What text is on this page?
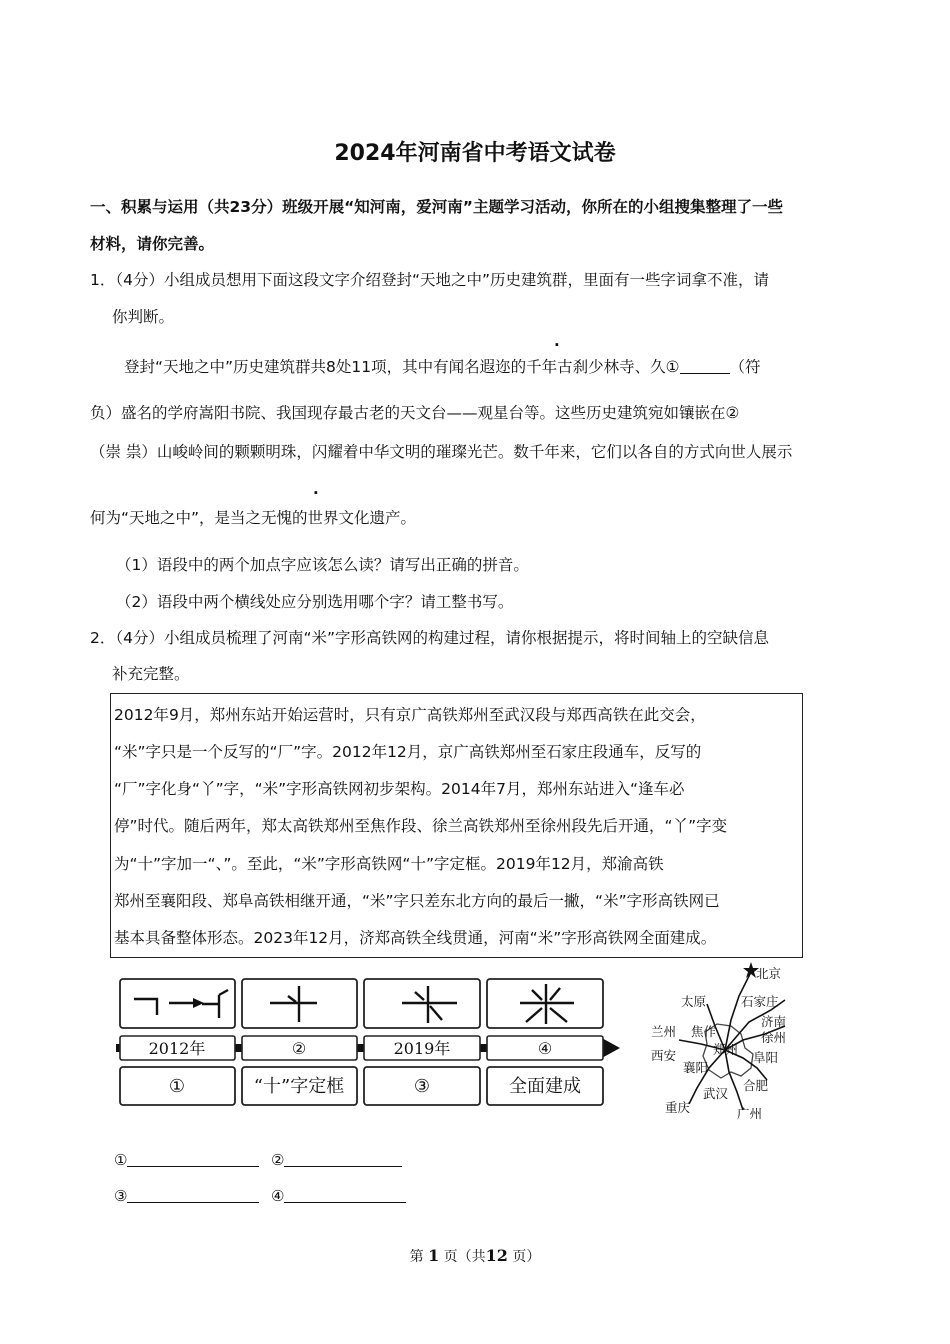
2024年河南省中考语文试卷
一、积累与运用（共23分）班级开展“知河南，爱河南”主题学习活动，你所在的小组搜集整理了一些
材料，请你完善。
1．（4分）小组成员想用下面这段文字介绍登封“天地之中”历史建筑群，里面有一些字词拿不准，请
你判断。
·
登封“天地之中”历史建筑群共8处11项，其中有闻名遐迩的千年古刹少林寺、久①	（符
负）盛名的学府嵩阳书院、我国现存最古老的天文台——观星台等。这些历史建筑宛如镶嵌在②
（崇 祟）山峻岭间的颗颗明珠，闪耀着中华文明的璀璨光芒。数千年来，它们以各自的方式向世人展示
·
何为“天地之中”，是当之无愧的世界文化遗产。
（1）语段中的两个加点字应该怎么读？请写出正确的拼音。
（2）语段中两个横线处应分别选用哪个字？请工整书写。
2．（4分）小组成员梳理了河南“米”字形高铁网的构建过程，请你根据提示，将时间轴上的空缺信息
补充完整。
2012年9月，郑州东站开始运营时，只有京广高铁郑州至武汉段与郑西高铁在此交会，
“米”字只是一个反写的“厂”字。2012年12月，京广高铁郑州至石家庄段通车，反写的
“厂”字化身“丫”字，“米”字形高铁网初步架构。2014年7月，郑州东站进入“逢车必
停”时代。随后两年，郑太高铁郑州至焦作段、徐兰高铁郑州至徐州段先后开通，“丫”字变
为“十”字加一“、”。至此，“米”字形高铁网“十”字定框。2019年12月，郑渝高铁
郑州至襄阳段、郑阜高铁相继开通，“米”字只差东北方向的最后一撇，“米”字形高铁网已
基本具备整体形态。2023年12月，济郑高铁全线贯通，河南“米”字形高铁网全面建成。
2012年	②	2019年	④
①	“十”字定框	③	全面建成
北京
太原	石家庄
兰州 焦作
济南
徐州
西安	郑州
襄阳
阜阳
合肥
武汉
重庆	广州
①	②
③	④
第 1 页（共12 页）
